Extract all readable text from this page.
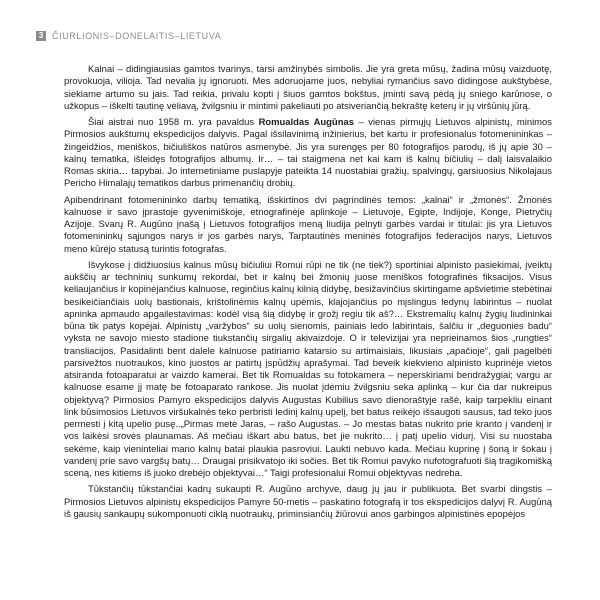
3 ČIURLIONIS–DONELAITIS–LIETUVA

Kalnai – didingiausias gamtos tvarinys, tarsi amžinybės simbolis. Jie yra greta mūsų, žadina mūsų vaizduotę, provokuoja, vilioja. Tad nevalia jų ignoruoti. Mes adoruojame juos, nebyliai rymančius savo didingose aukštybėse, siekiame artumo su jais. Tad reikia, privalu kopti į šiuos gamtos bokštus, įminti savą pėdą jų sniego karūnose, o užkopus – iškelti tautinę vėliavą, žvilgsniu ir mintimi pakeliauti po atsiveriančią bekraštę keterų ir jų viršūnių jūrą.

Šiai aistrai nuo 1958 m. yra pavaldus Romualdas Augūnas – vienas pirmųjų Lietuvos alpinistų, minimos Pirmosios aukštumų ekspedicijos dalyvis. Pagal išsilavinimą inžinierius, bet kartu ir profesionalus fotomenininkas – žingeidžios, meniškos, bičiuliškos natūros asmenybė. Jis yra surengęs per 80 fotografijos parodų, iš jų apie 30 – kalnų tematika, išleidęs fotografijos albumų. Ir… – tai staigmena net kai kam iš kalnų bičiulių – dalį laisvalaikio Romas skiria… tapybai. Jo internetiniame puslapyje pateikta 14 nuostabiai gražių, spalvingų, garsiuosius Nikolajaus Pericho Himalajų tematikos darbus primenančių drobių.

Apibendrinant fotomenininko darbų tematiką, išskirtinos dvi pagrindinės temos: „kalnai“ ir „žmonės“. Žmonės kalnuose ir savo įprastoje gyvenimiškoje, etnografinėje aplinkoje – Lietuvoje, Egipte, Indijoje, Konge, Pietryčių Azijoje. Svarų R. Augūno įnašą į Lietuvos fotografijos meną liudija pelnyti garbės vardai ir titulai: jis yra Lietuvos fotomenininkų sąjungos narys ir jos garbės narys, Tarptautinės meninės fotografijos federacijos narys, Lietuvos meno kūrėjo statusą turintis fotografas.

Išvykose į didžiuosius kalnus mūsų bičiuliui Romui rūpi ne tik (ne tiek?) sportiniai alpinisto pasiekimai, įveiktų aukščių ar techninių sunkumų rekordai, bet ir kalnų bei žmonių juose meniškos fotografinės fiksacijos. Visus keliaujančius ir kopinėjančius kalnuose, reginčius kalnų kilnią didybę, besižavinčius skirtingame apšvietime stebėtinai besikeičiančiais uolų bastionais, krištolinėmis kalnų upėmis, klajojančius po mįslingus ledynų labirintus – nuolat apninka apmaudo apgailestavimas: kodėl visą šią didybę ir grožį regiu tik aš?… Ekstremalių kalnų žygių liudininkai būna tik patys kopėjai. Alpinistų „varžybos“ su uolų sienomis, painiais ledo labirintais, šalčiu ir „deguonies badu“ vyksta ne savojo miesto stadione tiukstančių sirgalių akivaizdoje. O ir televizijai yra neprieinamos šios „rungties“ transliacijos. Pasidalinti bent dalele kalnuose patiriamo katarsio su artimaisiais, likusiais „apačioje“, gali pagelbėti parsivežtos nuotraukos, kino juostos ar patirtų įspūdžių aprašymai. Tad beveik kiekvieno alpinisto kuprinėje vietos atsiranda fotoaparatui ar vaizdo kamerai. Bet tik Romualdas su fotokamera – neperskiriami bendražygiai; vargu ar kalnuose esame jį matę be fotoaparato rankose. Jis nuolat įdėmiu žvilgsniu seka aplinką – kur čia dar nukreipus objektyvą? Pirmosios Pamyro ekspedicijos dalyvis Augustas Kubilius savo dienoraštyje rašė, kaip tarpekliu einant link būsimosios Lietuvos viršukalnės teko perbristi ledinį kalnų upelį, bet batus reikėjo išsaugoti sausus, tad teko juos permesti į kitą upelio pusę..„Pirmas metė Jaras, – rašo Augustas. – Jo mestas batas nukrito prie kranto į vandenį ir vos laikėsi srovės plaunamas. Aš mečiau iškart abu batus, bet jie nukrito… į patį upelio vidurį. Visi su nuostaba sekėme, kaip vieninteliai mano kalnų batai plaukia pasroviui. Laukti nebuvo kada. Mečiau kuprinę į šoną ir šokau į vandenį prie savo vargšų batų… Draugai prisikvatojo iki sočies. Bet tik Romui pavyko nufotografuoti šią tragikomišką sceną, nes kitiems iš juoko drebėjo objektyvai…“ Taigi profesionalui Romui objektyvas nedreba.

Tūkstančių tūkstančiai kadrų sukaupti R. Augūno archyve, daug jų jau ir publikuota. Bet svarbi dingstis – Pirmosios Lietuvos alpinistų ekspedicijos Pamyre 50-metis – paskatino fotografą ir tos ekspedicijos dalyvį R. Augūną iš gausių sankaupų sukomponuoti ciklą nuotraukų, priminsiančių žiūrovui anos garbingos alpinistinės epopėjos
